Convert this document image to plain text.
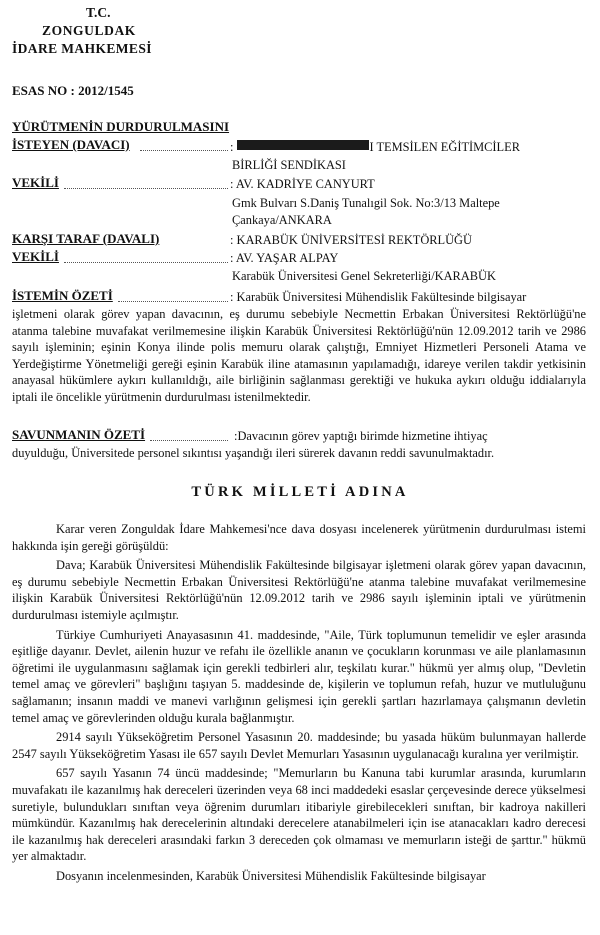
T.C.
ZONGULDAK
İDARE MAHKEMESİ
ESAS NO : 2012/1545
YÜRÜTMENİN DURDURULMASINI
İSTEYEN (DAVACI)	:	I TEMSİLEN EĞİTİMCİLER
BİRLİĞİ SENDİKASI
VEKİLİ	: AV. KADRİYE CANYURT
Gmk Bulvarı S.Daniş Tunalıgil Sok. No:3/13 Maltepe
Çankaya/ANKARA
KARŞI TARAF (DAVALI)	: KARABÜK ÜNİVERSİTESİ REKTÖRLÜĞÜ
VEKİLİ	: AV. YAŞAR ALPAY
Karabük Üniversitesi Genel Sekreterliği/KARABÜK
İSTEMİN ÖZETİ	: Karabük Üniversitesi Mühendislik Fakültesinde bilgisayar

işletmeni olarak görev yapan davacının, eş durumu sebebiyle Necmettin Erbakan Üniversitesi Rektörlüğü'ne atanma talebine muvafakat verilmemesine ilişkin Karabük Üniversitesi Rektörlüğü'nün 12.09.2012 tarih ve 2986 sayılı işleminin; eşinin Konya ilinde polis memuru olarak çalıştığı, Emniyet Hizmetleri Personeli Atama ve Yerdeğiştirme Yönetmeliği gereği eşinin Karabük iline atamasının yapılamadığı, idareye verilen takdir yetkisinin anayasal hükümlere aykırı kullanıldığı, aile birliğinin sağlanması gerektiği ve hukuka aykırı olduğu iddialarıyla iptali ile öncelikle yürütmenin durdurulması istenilmektedir.

SAVUNMANIN ÖZETİ	:Davacının görev yaptığı birimde hizmetine ihtiyaç

duyulduğu, Üniversitede personel sıkıntısı yaşandığı ileri sürerek davanın reddi savunulmaktadır.

TÜRK MİLLETİ ADINA

Karar veren Zonguldak İdare Mahkemesi'nce dava dosyası incelenerek yürütmenin durdurulması istemi hakkında işin gereği görüşüldü:

Dava; Karabük Üniversitesi Mühendislik Fakültesinde bilgisayar işletmeni olarak görev yapan davacının, eş durumu sebebiyle Necmettin Erbakan Üniversitesi Rektörlüğü'ne atanma talebine muvafakat verilmemesine ilişkin Karabük Üniversitesi Rektörlüğü'nün 12.09.2012 tarih ve 2986 sayılı işleminin iptali ve yürütmenin durdurulması istemiyle açılmıştır.

Türkiye Cumhuriyeti Anayasasının 41. maddesinde, "Aile, Türk toplumunun temelidir ve eşler arasında eşitliğe dayanır. Devlet, ailenin huzur ve refahı ile özellikle ananın ve çocukların korunması ve aile planlamasının öğretimi ile uygulanmasını sağlamak için gerekli tedbirleri alır, teşkilatı kurar." hükmü yer almış olup, "Devletin temel amaç ve görevleri" başlığını taşıyan 5. maddesinde de, kişilerin ve toplumun refah, huzur ve mutluluğunu sağlamanın; insanın maddi ve manevi varlığının gelişmesi için gerekli şartları hazırlamaya çalışmanın devletin temel amaç ve görevlerinden olduğu kurala bağlanmıştır.

2914 sayılı Yükseköğretim Personel Yasasının 20. maddesinde; bu yasada hüküm bulunmayan hallerde 2547 sayılı Yükseköğretim Yasası ile 657 sayılı Devlet Memurları Yasasının uygulanacağı kuralına yer verilmiştir.

657 sayılı Yasanın 74 üncü maddesinde; "Memurların bu Kanuna tabi kurumlar arasında, kurumların muvafakatı ile kazanılmış hak dereceleri üzerinden veya 68 inci maddedeki esaslar çerçevesinde derece yükselmesi suretiyle, bulundukları sınıftan veya öğrenim durumları itibariyle girebilecekleri sınıftan, bir kadroya nakilleri mümkündür. Kazanılmış hak derecelerinin altındaki derecelere atanabilmeleri için ise atanacakları kadro derecesi ile kazanılmış hak dereceleri arasındaki farkın 3 dereceden çok olmaması ve memurların isteği de şarttır." hükmü yer almaktadır.

Dosyanın incelenmesinden, Karabük Üniversitesi Mühendislik Fakültesinde bilgisayar
